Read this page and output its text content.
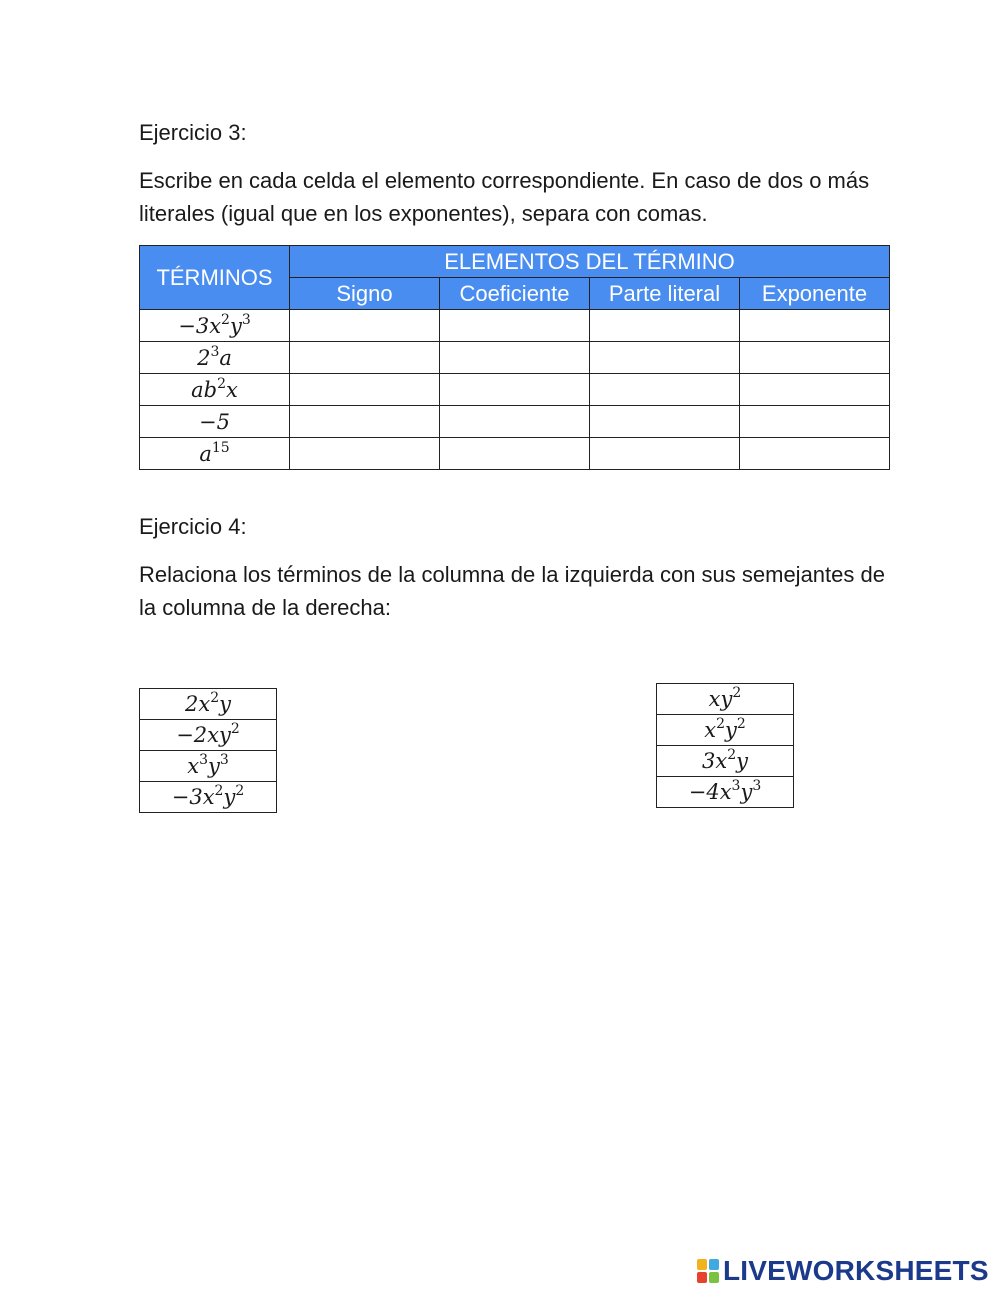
Ejercicio 3:
Escribe en cada celda el elemento correspondiente. En caso de dos o más literales (igual que en los exponentes), separa con comas.
TÉRMINOS	ELEMENTOS DEL TÉRMINO			
	Signo	Coeficiente	Parte literal	Exponente
$-3x^2y^3$				
$2^3a$				
$ab^2x$				
−5				
$a^{15}$				
Ejercicio 4:
Relaciona los términos de la columna de la izquierda con sus semejantes de la columna de la derecha:
$2x^2y$
$-2xy^2$
$x^3y^3$
$-3x^2y^2$
$xy^2$
$x^2y^2$
$3x^2y$
$-4x^3y^3$
LIVEWORKSHEETS
